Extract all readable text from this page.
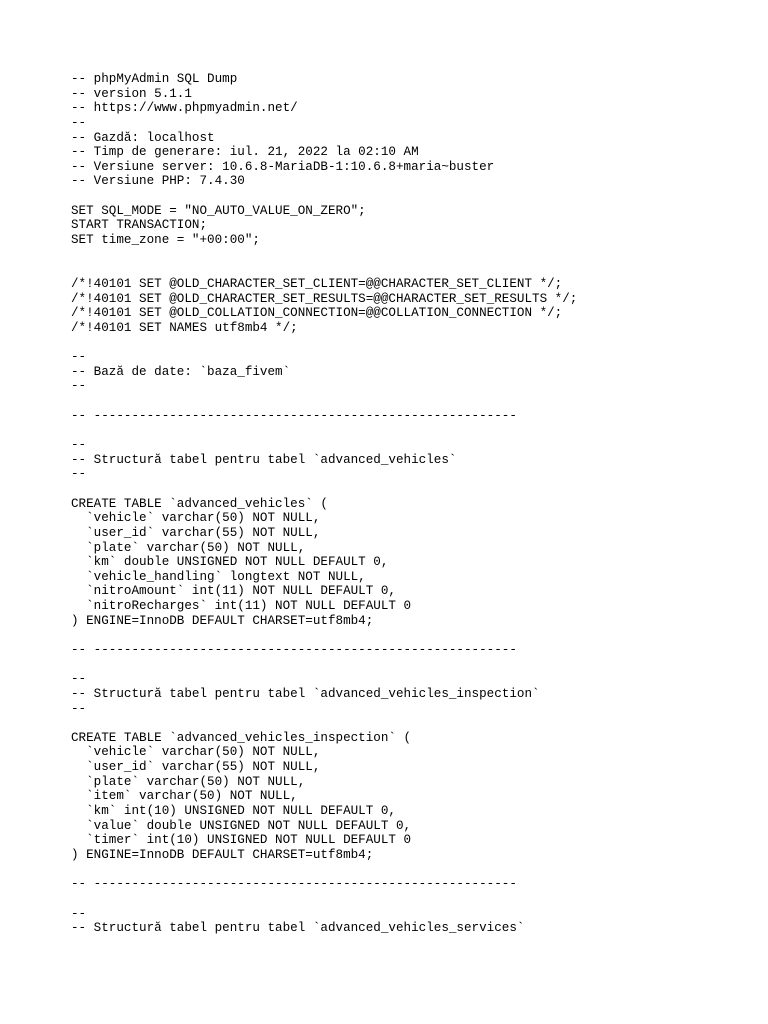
-- phpMyAdmin SQL Dump
-- version 5.1.1
-- https://www.phpmyadmin.net/
--
-- Gazdă: localhost
-- Timp de generare: iul. 21, 2022 la 02:10 AM
-- Versiune server: 10.6.8-MariaDB-1:10.6.8+maria~buster
-- Versiune PHP: 7.4.30
SET SQL_MODE = "NO_AUTO_VALUE_ON_ZERO";
START TRANSACTION;
SET time_zone = "+00:00";
/*!40101 SET @OLD_CHARACTER_SET_CLIENT=@@CHARACTER_SET_CLIENT */;
/*!40101 SET @OLD_CHARACTER_SET_RESULTS=@@CHARACTER_SET_RESULTS */;
/*!40101 SET @OLD_COLLATION_CONNECTION=@@COLLATION_CONNECTION */;
/*!40101 SET NAMES utf8mb4 */;
--
-- Bază de date: `baza_fivem`
--
-- --------------------------------------------------------
--
-- Structură tabel pentru tabel `advanced_vehicles`
--
CREATE TABLE `advanced_vehicles` (
`vehicle` varchar(50) NOT NULL,
`user_id` varchar(55) NOT NULL,
`plate` varchar(50) NOT NULL,
`km` double UNSIGNED NOT NULL DEFAULT 0,
`vehicle_handling` longtext NOT NULL,
`nitroAmount` int(11) NOT NULL DEFAULT 0,
`nitroRecharges` int(11) NOT NULL DEFAULT 0
) ENGINE=InnoDB DEFAULT CHARSET=utf8mb4;
-- --------------------------------------------------------
--
-- Structură tabel pentru tabel `advanced_vehicles_inspection`
--
CREATE TABLE `advanced_vehicles_inspection` (
`vehicle` varchar(50) NOT NULL,
`user_id` varchar(55) NOT NULL,
`plate` varchar(50) NOT NULL,
`item` varchar(50) NOT NULL,
`km` int(10) UNSIGNED NOT NULL DEFAULT 0,
`value` double UNSIGNED NOT NULL DEFAULT 0,
`timer` int(10) UNSIGNED NOT NULL DEFAULT 0
) ENGINE=InnoDB DEFAULT CHARSET=utf8mb4;
-- --------------------------------------------------------
--
-- Structură tabel pentru tabel `advanced_vehicles_services`
